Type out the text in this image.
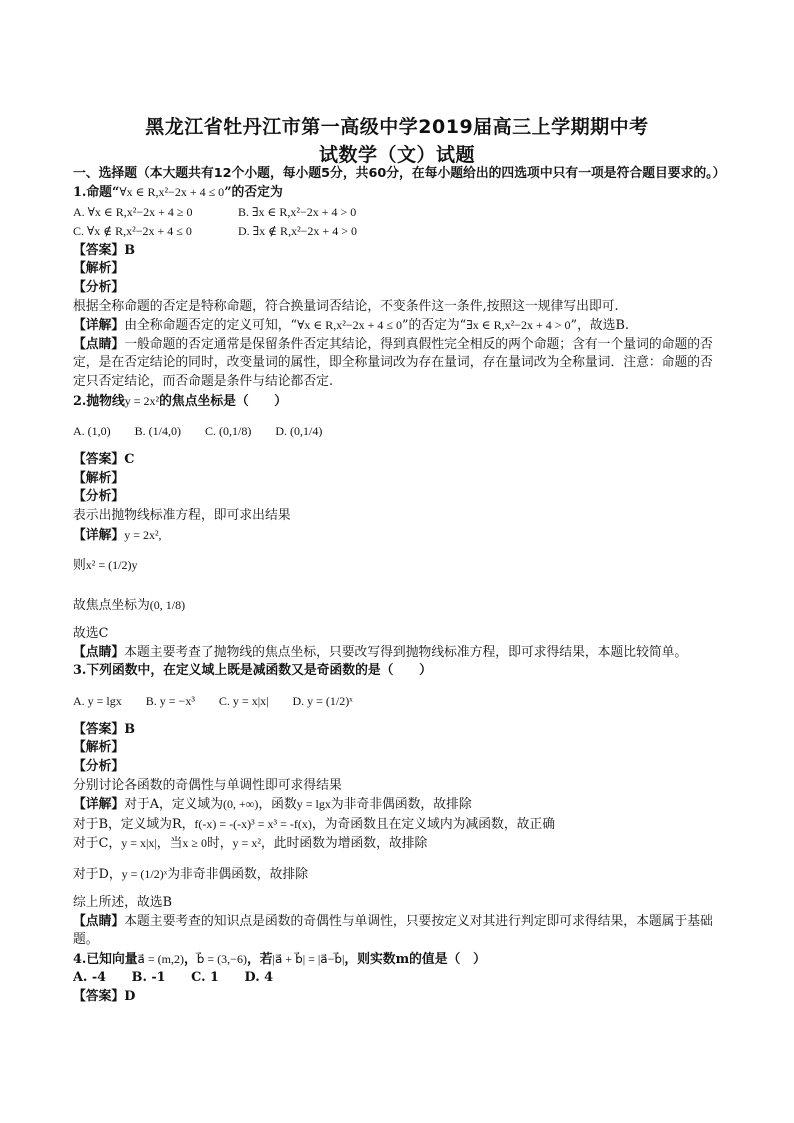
黑龙江省牡丹江市第一高级中学2019届高三上学期期中考
试数学（文）试题
一、选择题（本大题共有12个小题，每小题5分，共60分，在每小题给出的四选项中只有一项是符合题目要求的。）
1.命题“∀x ∈ R,x²−2x + 4 ≤ 0”的否定为
A. ∀x ∈ R,x²−2x + 4 ≥ 0	B. ∃x ∈ R,x²−2x + 4 > 0
C. ∀x ∉ R,x²−2x + 4 ≤ 0	D. ∃x ∉ R,x²−2x + 4 > 0
【答案】B
【解析】
【分析】
根据全称命题的否定是特称命题，符合换量词否结论，不变条件这一条件,按照这一规律写出即可.
【详解】由全称命题否定的定义可知，“∀x ∈ R,x²−2x + 4 ≤ 0”的否定为“∃x ∈ R,x²−2x + 4 > 0”，故选B.
【点睛】一般命题的否定通常是保留条件否定其结论，得到真假性完全相反的两个命题；含有一个量词的命题的否定，是在否定结论的同时，改变量词的属性，即全称量词改为存在量词，存在量词改为全称量词．注意：命题的否定只否定结论，而否命题是条件与结论都否定.
2.抛物线y = 2x²的焦点坐标是（　　）
A. (1,0) B. (1/4,0) C. (0,1/8) D. (0,1/4)
【答案】C
【解析】
【分析】
表示出抛物线标准方程，即可求出结果
【详解】y = 2x²,
则x² = (1/2)y
故焦点坐标为(0, 1/8)
故选C
【点睛】本题主要考查了抛物线的焦点坐标，只要改写得到抛物线标准方程，即可求得结果，本题比较简单。
3.下列函数中，在定义域上既是减函数又是奇函数的是（　　）
A. y = lgx B. y = −x³ C. y = x|x| D. y = (1/2)ˣ
【答案】B
【解析】
【分析】
分别讨论各函数的奇偶性与单调性即可求得结果
【详解】对于A，定义域为(0, +∞)，函数y = lgx为非奇非偶函数，故排除
对于B，定义域为R，f(-x) = -(-x)³ = x³ = -f(x)，为奇函数且在定义域内为减函数，故正确
对于C，y = x|x|，当x ≥ 0时，y = x²，此时函数为增函数，故排除
对于D，y = (1/2)ˣ为非奇非偶函数，故排除
综上所述，故选B
【点睛】本题主要考查的知识点是函数的奇偶性与单调性，只要按定义对其进行判定即可求得结果，本题属于基础题。
4.已知向量a⃗ = (m,2)，b⃗ = (3,−6)，若|a⃗ + b⃗| = |a⃗−b⃗|，则实数m的值是（　）
A. -4　　B. -1　　C. 1　　D. 4
【答案】D
